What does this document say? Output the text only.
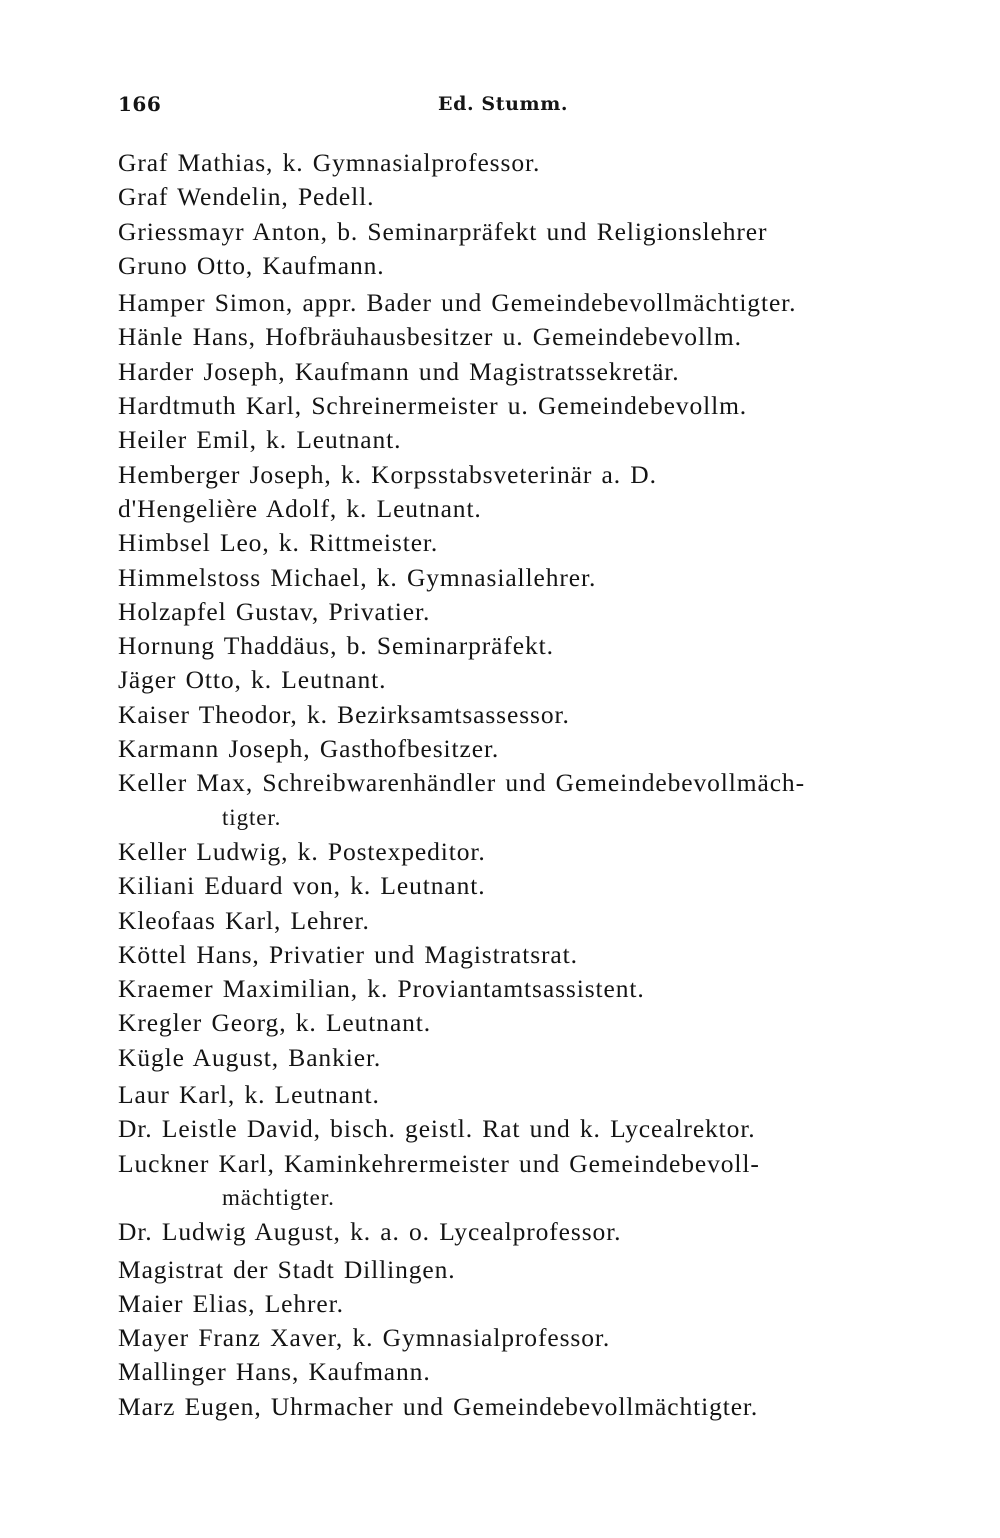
166	Ed. Stumm.
Graf Mathias, k. Gymnasialprofessor.
Graf Wendelin, Pedell.
Griessmayr Anton, b. Seminarpräfekt und Religionslehrer
Gruno Otto, Kaufmann.
Hamper Simon, appr. Bader und Gemeindebevollmächtigter.
Hänle Hans, Hofbräuhausbesitzer u. Gemeindebevollm.
Harder Joseph, Kaufmann und Magistratssekretär.
Hardtmuth Karl, Schreinermeister u. Gemeindebevollm.
Heiler Emil, k. Leutnant.
Hemberger Joseph, k. Korpsstabsveterinär a. D.
d'Hengelière Adolf, k. Leutnant.
Himbsel Leo, k. Rittmeister.
Himmelstoss Michael, k. Gymnasiallehrer.
Holzapfel Gustav, Privatier.
Hornung Thaddäus, b. Seminarpräfekt.
Jäger Otto, k. Leutnant.
Kaiser Theodor, k. Bezirksamtsassessor.
Karmann Joseph, Gasthofbesitzer.
Keller Max, Schreibwarenhändler und Gemeindebevollmäch-
tigter.
Keller Ludwig, k. Postexpeditor.
Kiliani Eduard von, k. Leutnant.
Kleofaas Karl, Lehrer.
Köttel Hans, Privatier und Magistratsrat.
Kraemer Maximilian, k. Proviantamtsassistent.
Kregler Georg, k. Leutnant.
Kügle August, Bankier.
Laur Karl, k. Leutnant.
Dr. Leistle David, bisch. geistl. Rat und k. Lycealrektor.
Luckner Karl, Kaminkehrermeister und Gemeindebevoll-
mächtigter.
Dr. Ludwig August, k. a. o. Lycealprofessor.
Magistrat der Stadt Dillingen.
Maier Elias, Lehrer.
Mayer Franz Xaver, k. Gymnasialprofessor.
Mallinger Hans, Kaufmann.
Marz Eugen, Uhrmacher und Gemeindebevollmächtigter.
